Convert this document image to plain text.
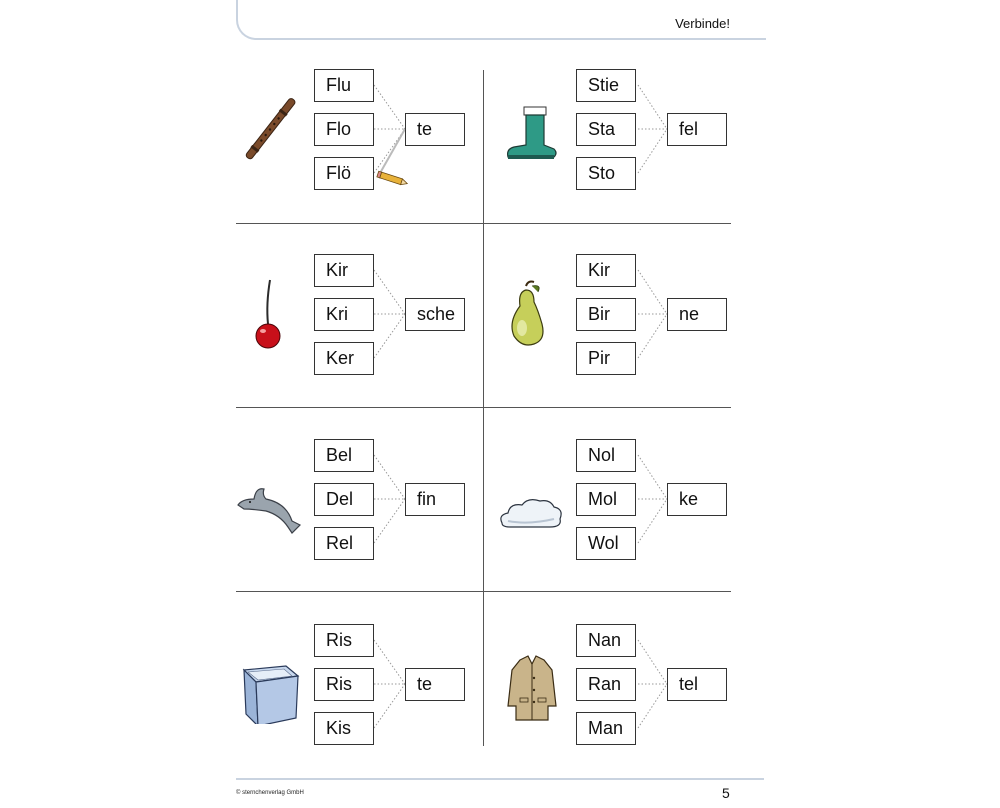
Verbinde!
Flu
Flo
Flö
te
Stie
Sta
Sto
fel
Kir
Kri
Ker
sche
Kir
Bir
Pir
ne
Bel
Del
Rel
fin
Nol
Mol
Wol
ke
Ris
Ris
Kis
te
Nan
Ran
Man
tel
© sternchenverlag GmbH	5
